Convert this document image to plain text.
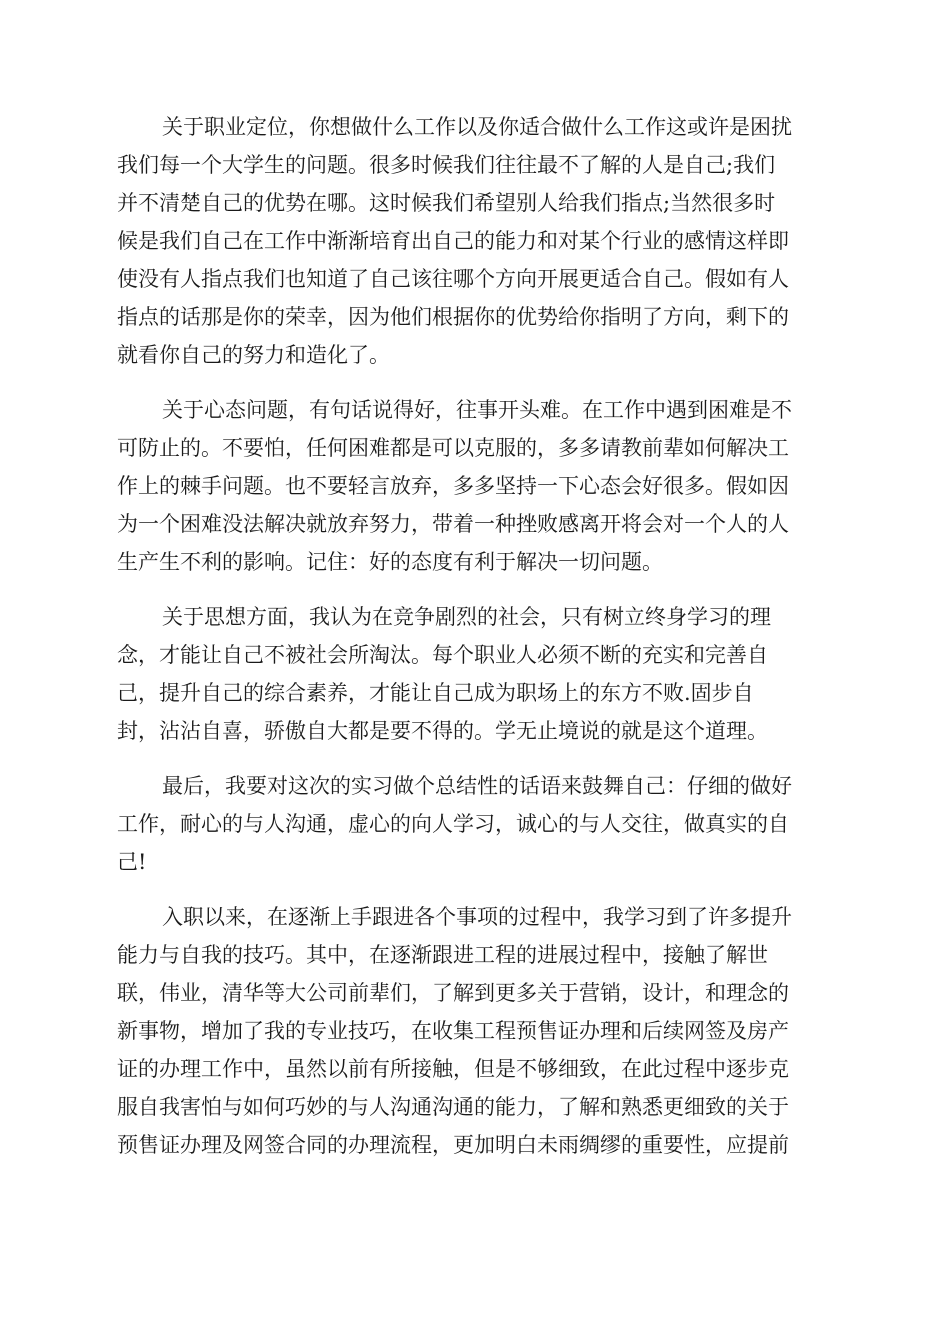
关于职业定位，你想做什么工作以及你适合做什么工作这或许是困扰
我们每一个大学生的问题。很多时候我们往往最不了解的人是自己;我们
并不清楚自己的优势在哪。这时候我们希望别人给我们指点;当然很多时
候是我们自己在工作中渐渐培育出自己的能力和对某个行业的感情这样即
使没有人指点我们也知道了自己该往哪个方向开展更适合自己。假如有人
指点的话那是你的荣幸，因为他们根据你的优势给你指明了方向，剩下的
就看你自己的努力和造化了。
关于心态问题，有句话说得好，往事开头难。在工作中遇到困难是不
可防止的。不要怕，任何困难都是可以克服的，多多请教前辈如何解决工
作上的棘手问题。也不要轻言放弃，多多坚持一下心态会好很多。假如因
为一个困难没法解决就放弃努力，带着一种挫败感离开将会对一个人的人
生产生不利的影响。记住：好的态度有利于解决一切问题。
关于思想方面，我认为在竞争剧烈的社会，只有树立终身学习的理
念，才能让自己不被社会所淘汰。每个职业人必须不断的充实和完善自
己，提升自己的综合素养，才能让自己成为职场上的东方不败.固步自
封，沾沾自喜，骄傲自大都是要不得的。学无止境说的就是这个道理。
最后，我要对这次的实习做个总结性的话语来鼓舞自己：仔细的做好
工作，耐心的与人沟通，虚心的向人学习，诚心的与人交往，做真实的自
己!
入职以来，在逐渐上手跟进各个事项的过程中，我学习到了许多提升
能力与自我的技巧。其中，在逐渐跟进工程的进展过程中，接触了解世
联，伟业，清华等大公司前辈们，了解到更多关于营销，设计，和理念的
新事物，增加了我的专业技巧，在收集工程预售证办理和后续网签及房产
证的办理工作中，虽然以前有所接触，但是不够细致，在此过程中逐步克
服自我害怕与如何巧妙的与人沟通沟通的能力，了解和熟悉更细致的关于
预售证办理及网签合同的办理流程，更加明白未雨绸缪的重要性，应提前
